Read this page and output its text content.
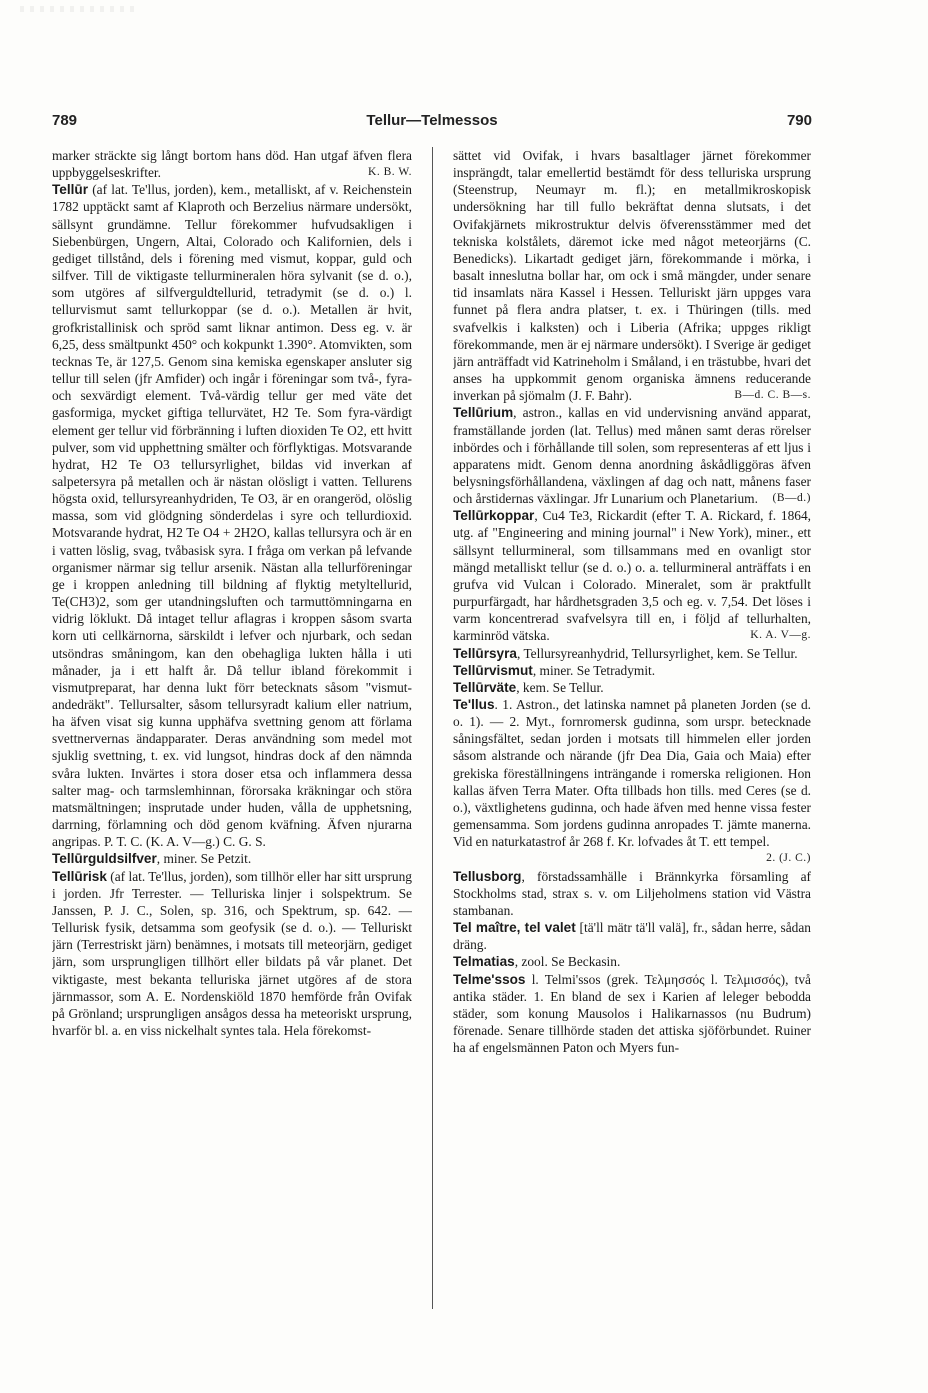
789	Tellur—Telmessos	790

marker sträckte sig långt bortom hans död. Han utgaf äfven flera uppbyggelseskrifter.	K. B. W.

Tellūr (af lat. Te'llus, jorden), kem., metalliskt, af v. Reichenstein 1782 upptäckt samt af Klaproth och Berzelius närmare undersökt, sällsynt grundämne. Tellur förekommer hufvudsakligen i Siebenbürgen, Ungern, Altai, Colorado och Kalifornien, dels i gediget tillstånd, dels i förening med vismut, koppar, guld och silfver. Till de viktigaste tellurmineralen höra sylvanit (se d. o.), som utgöres af silfverguldtellurid, tetradymit (se d. o.) l. tellurvismut samt tellurkoppar (se d. o.). Metallen är hvit, grofkristallinisk och spröd samt liknar antimon. Dess eg. v. är 6,25, dess smältpunkt 450° och kokpunkt 1.390°. Atomvikten, som tecknas Te, är 127,5. Genom sina kemiska egenskaper ansluter sig tellur till selen (jfr Amfider) och ingår i föreningar som två-, fyra- och sexvärdigt element. Två-värdig tellur ger med väte det gasformiga, mycket giftiga tellurvätet, H2 Te. Som fyra-värdigt element ger tellur vid förbränning i luften dioxiden Te O2, ett hvitt pulver, som vid upphettning smälter och förflyktigas. Motsvarande hydrat, H2 Te O3 tellursyrlighet, bildas vid inverkan af salpetersyra på metallen och är nästan olösligt i vatten. Tellurens högsta oxid, tellursyreanhydriden, Te O3, är en orangeröd, olöslig massa, som vid glödgning sönderdelas i syre och tellurdioxid. Motsvarande hydrat, H2 Te O4 + 2H2O, kallas tellursyra och är en i vatten löslig, svag, tvåbasisk syra. I fråga om verkan på lefvande organismer närmar sig tellur arsenik. Nästan alla tellurföreningar ge i kroppen anledning till bildning af flyktig metyltellurid, Te(CH3)2, som ger utandningsluften och tarmuttömningarna en vidrig löklukt. Då intaget tellur aflagras i kroppen såsom svarta korn uti cellkärnorna, särskildt i lefver och njurbark, och sedan utsöndras småningom, kan den obehagliga lukten hålla i uti månader, ja i ett halft år. Då tellur ibland förekommit i vismutpreparat, har denna lukt förr betecknats såsom "vismut-andedräkt". Tellursalter, såsom tellursyradt kalium eller natrium, ha äfven visat sig kunna upphäfva svettning genom att förlama svettnervernas ändapparater. Deras användning som medel mot sjuklig svettning, t. ex. vid lungsot, hindras dock af den nämnda svåra lukten. Invärtes i stora doser etsa och inflammera dessa salter mag- och tarmslemhinnan, förorsaka kräkningar och störa matsmältningen; insprutade under huden, vålla de upphetsning, darrning, förlamning och död genom kväfning. Äfven njurarna angripas. P. T. C. (K. A. V—g.) C. G. S.

Tellūrguldsilfver, miner. Se Petzit.

Tellūrisk (af lat. Te'llus, jorden), som tillhör eller har sitt ursprung i jorden. Jfr Terrester. — Telluriska linjer i solspektrum. Se Janssen, P. J. C., Solen, sp. 316, och Spektrum, sp. 642. — Tellurisk fysik, detsamma som geofysik (se d. o.). — Telluriskt järn (Terrestriskt järn) benämnes, i motsats till meteorjärn, gediget järn, som ursprungligen tillhört eller bildats på vår planet. Det viktigaste, mest bekanta telluriska järnet utgöres af de stora järnmassor, som A. E. Nordenskiöld 1870 hemförde från Ovifak på Grönland; ursprungligen ansågos dessa ha meteoriskt ursprung, hvarför bl. a. en viss nickelhalt syntes tala. Hela förekomst-

sättet vid Ovifak, i hvars basaltlager järnet förekommer insprängdt, talar emellertid bestämdt för dess telluriska ursprung (Steenstrup, Neumayr m. fl.); en metallmikroskopisk undersökning har till fullo bekräftat denna slutsats, i det Ovifakjärnets mikrostruktur delvis öfverensstämmer med det tekniska kolstålets, däremot icke med något meteorjärns (C. Benedicks). Likartadt gediget järn, förekommande i mörka, i basalt inneslutna bollar har, om ock i små mängder, under senare tid insamlats nära Kassel i Hessen. Telluriskt järn uppges vara funnet på flera andra platser, t. ex. i Thüringen (tills. med svafvelkis i kalksten) och i Liberia (Afrika; uppges rikligt förekommande, men är ej närmare undersökt). I Sverige är gediget järn anträffadt vid Katrineholm i Småland, i en trästubbe, hvari det anses ha uppkommit genom organiska ämnens reducerande inverkan på sjömalm (J. F. Bahr).	B—d. C. B—s.

Tellūrium, astron., kallas en vid undervisning använd apparat, framställande jorden (lat. Tellus) med månen samt deras rörelser inbördes och i förhållande till solen, som representeras af ett ljus i apparatens midt. Genom denna anordning åskådliggöras äfven belysningsförhållandena, växlingen af dag och natt, månens faser och årstidernas växlingar. Jfr Lunarium och Planetarium. (B—d.)

Tellūrkoppar, Cu4 Te3, Rickardit (efter T. A. Rickard, f. 1864, utg. af "Engineering and mining journal" i New York), miner., ett sällsynt tellurmineral, som tillsammans med en ovanligt stor mängd metalliskt tellur (se d. o.) o. a. tellurmineral anträffats i en grufva vid Vulcan i Colorado. Mineralet, som är praktfullt purpurfärgadt, har hårdhetsgraden 3,5 och eg. v. 7,54. Det löses i varm koncentrerad svafvelsyra till en, i följd af tellurhalten, karminröd vätska.	K. A. V—g.

Tellūrsyra, Tellursyreanhydrid, Tellursyrlighet, kem. Se Tellur.

Tellūrvismut, miner. Se Tetradymit.

Tellūrväte, kem. Se Tellur.

Te'llus. 1. Astron., det latinska namnet på planeten Jorden (se d. o. 1). — 2. Myt., fornromersk gudinna, som urspr. betecknade såningsfältet, sedan jorden i motsats till himmelen eller jorden såsom alstrande och närande (jfr Dea Dia, Gaia och Maia) efter grekiska föreställningens inträngande i romerska religionen. Hon kallas äfven Terra Mater. Ofta tillbads hon tills. med Ceres (se d. o.), växtlighetens gudinna, och hade äfven med henne vissa fester gemensamma. Som jordens gudinna anropades T. jämte manerna. Vid en naturkatastrof år 268 f. Kr. lofvades åt T. ett tempel.
2. (J. C.)

Tellusborg, förstadssamhälle i Brännkyrka församling af Stockholms stad, strax s. v. om Liljeholmens station vid Västra stambanan.

Tel maître, tel valet [tä'll mätr tä'll valä], fr., sådan herre, sådan dräng.

Telmatias, zool. Se Beckasin.

Telme'ssos l. Telmi'ssos (grek. Τελμησσός l. Τελμισσός), två antika städer. 1. En bland de sex i Karien af leleger bebodda städer, som konung Mausolos i Halikarnassos (nu Budrum) förenade. Senare tillhörde staden det attiska sjöförbundet. Ruiner ha af engelsmännen Paton och Myers fun-
